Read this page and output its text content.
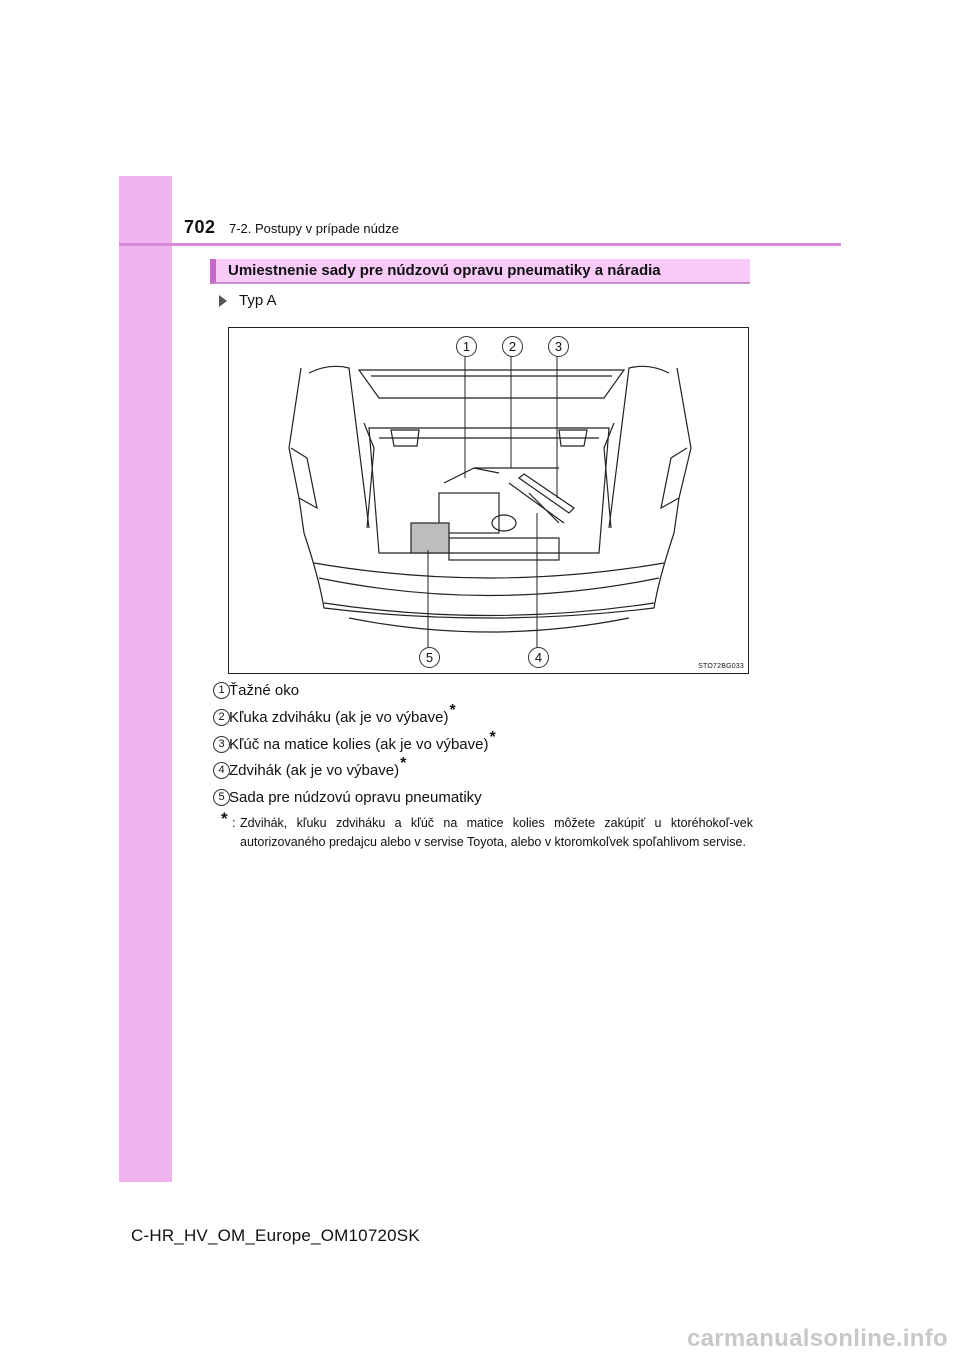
702 7-2. Postupy v prípade núdze
Umiestnenie sady pre núdzovú opravu pneumatiky a náradia
Typ A
1	2	3
4
5
STO72BG033
1 Ťažné oko
2 Kľuka zdviháku (ak je vo výbave)*
3 Kľúč na matice kolies (ak je vo výbave)*
4 Zdvihák (ak je vo výbave)*
5 Sada pre núdzovú opravu pneumatiky
* : Zdvihák, kľuku zdviháku a kľúč na matice kolies môžete zakúpiť u ktoréhokoľ-vek autorizovaného predajcu alebo v servise Toyota, alebo v ktoromkoľvek spoľahlivom servise.
C-HR_HV_OM_Europe_OM10720SK
carmanualsonline.info
